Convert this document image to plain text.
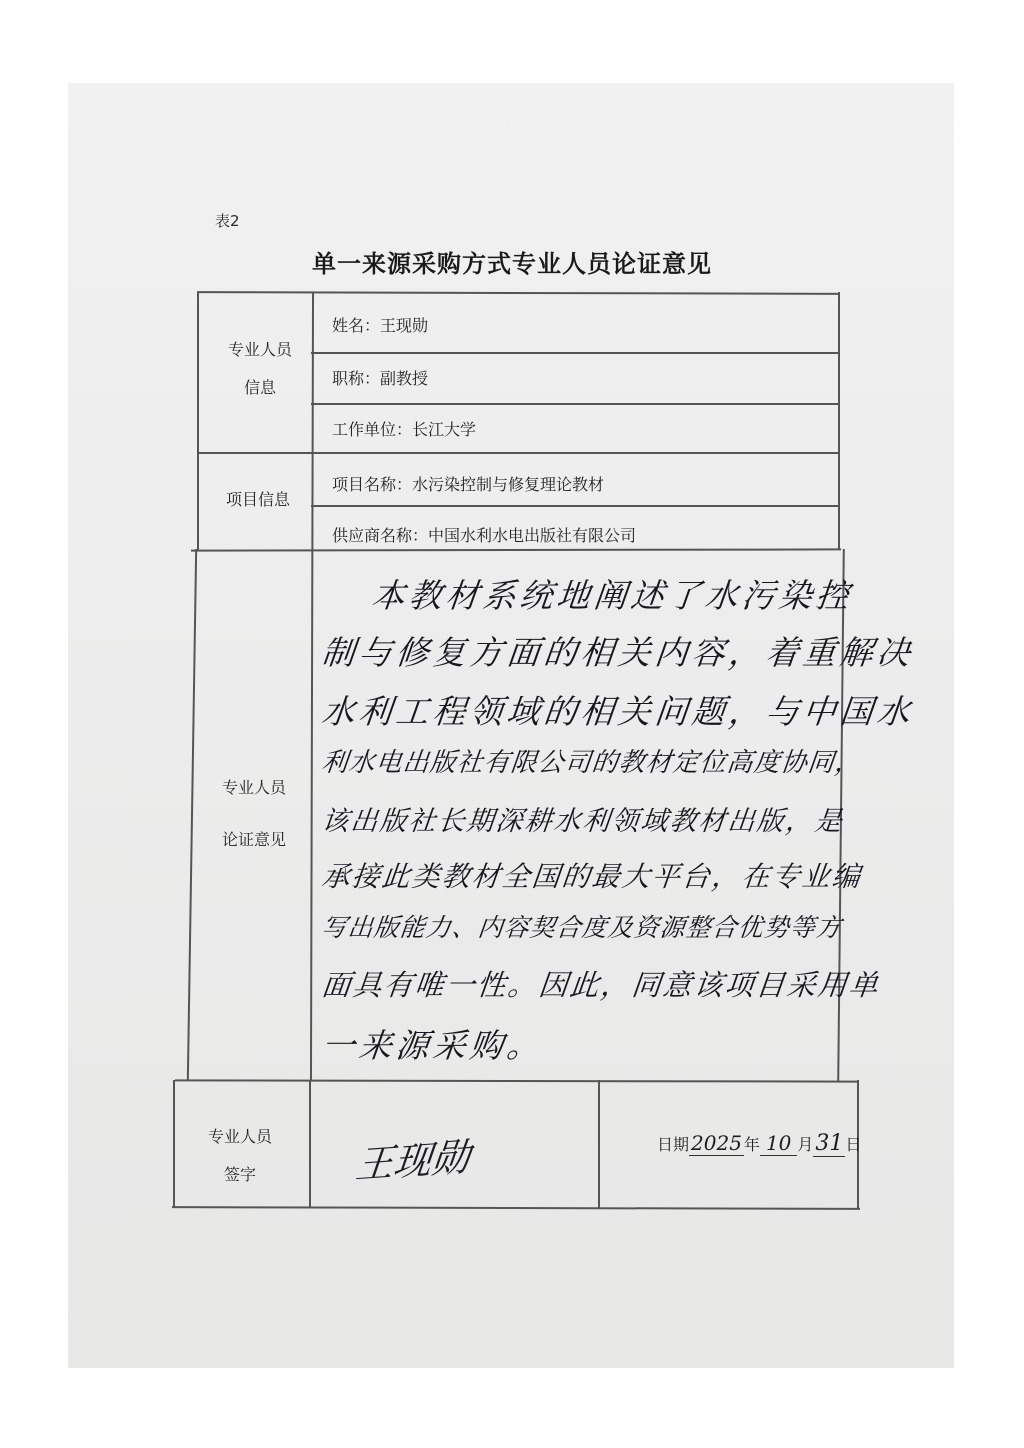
表2
单一来源采购方式专业人员论证意见
专业人员
信息
姓名：王现勋
职称：副教授
工作单位：长江大学
项目信息
项目名称：水污染控制与修复理论教材
供应商名称：中国水利水电出版社有限公司
专业人员
论证意见
本教材系统地阐述了水污染控
制与修复方面的相关内容，着重解决
水利工程领域的相关问题，与中国水
利水电出版社有限公司的教材定位高度协同，
该出版社长期深耕水利领域教材出版，是
承接此类教材全国的最大平台，在专业编
写出版能力、内容契合度及资源整合优势等方
面具有唯一性。因此，同意该项目采用单
一来源采购。
专业人员
签字	王现勋	日期 2025 年 10 月31 日
